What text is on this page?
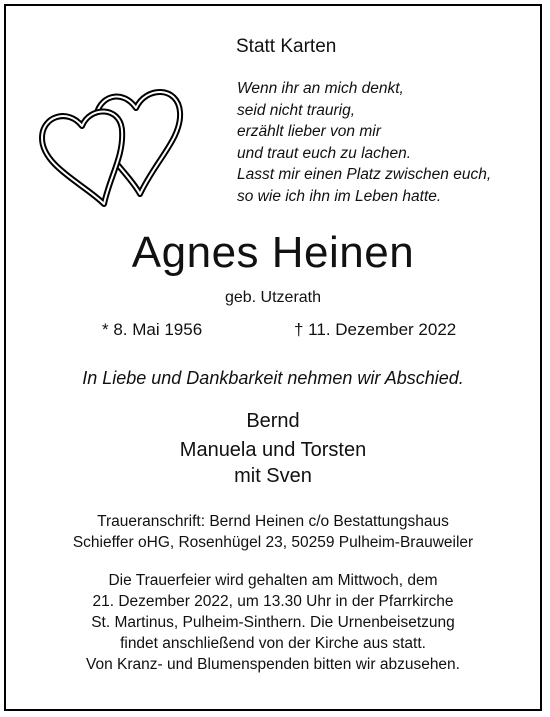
Statt Karten
Wenn ihr an mich denkt,
seid nicht traurig,
erzählt lieber von mir
und traut euch zu lachen.
Lasst mir einen Platz zwischen euch,
so wie ich ihn im Leben hatte.
Agnes Heinen
geb. Utzerath
* 8. Mai 1956	† 11. Dezember 2022
In Liebe und Dankbarkeit nehmen wir Abschied.
Bernd
Manuela und Torsten
mit Sven
Traueranschrift: Bernd Heinen c/o Bestattungshaus
Schieffer oHG, Rosenhügel 23, 50259 Pulheim-Brauweiler
Die Trauerfeier wird gehalten am Mittwoch, dem
21. Dezember 2022, um 13.30 Uhr in der Pfarrkirche
St. Martinus, Pulheim-Sinthern. Die Urnenbeisetzung
findet anschließend von der Kirche aus statt.
Von Kranz- und Blumenspenden bitten wir abzusehen.
